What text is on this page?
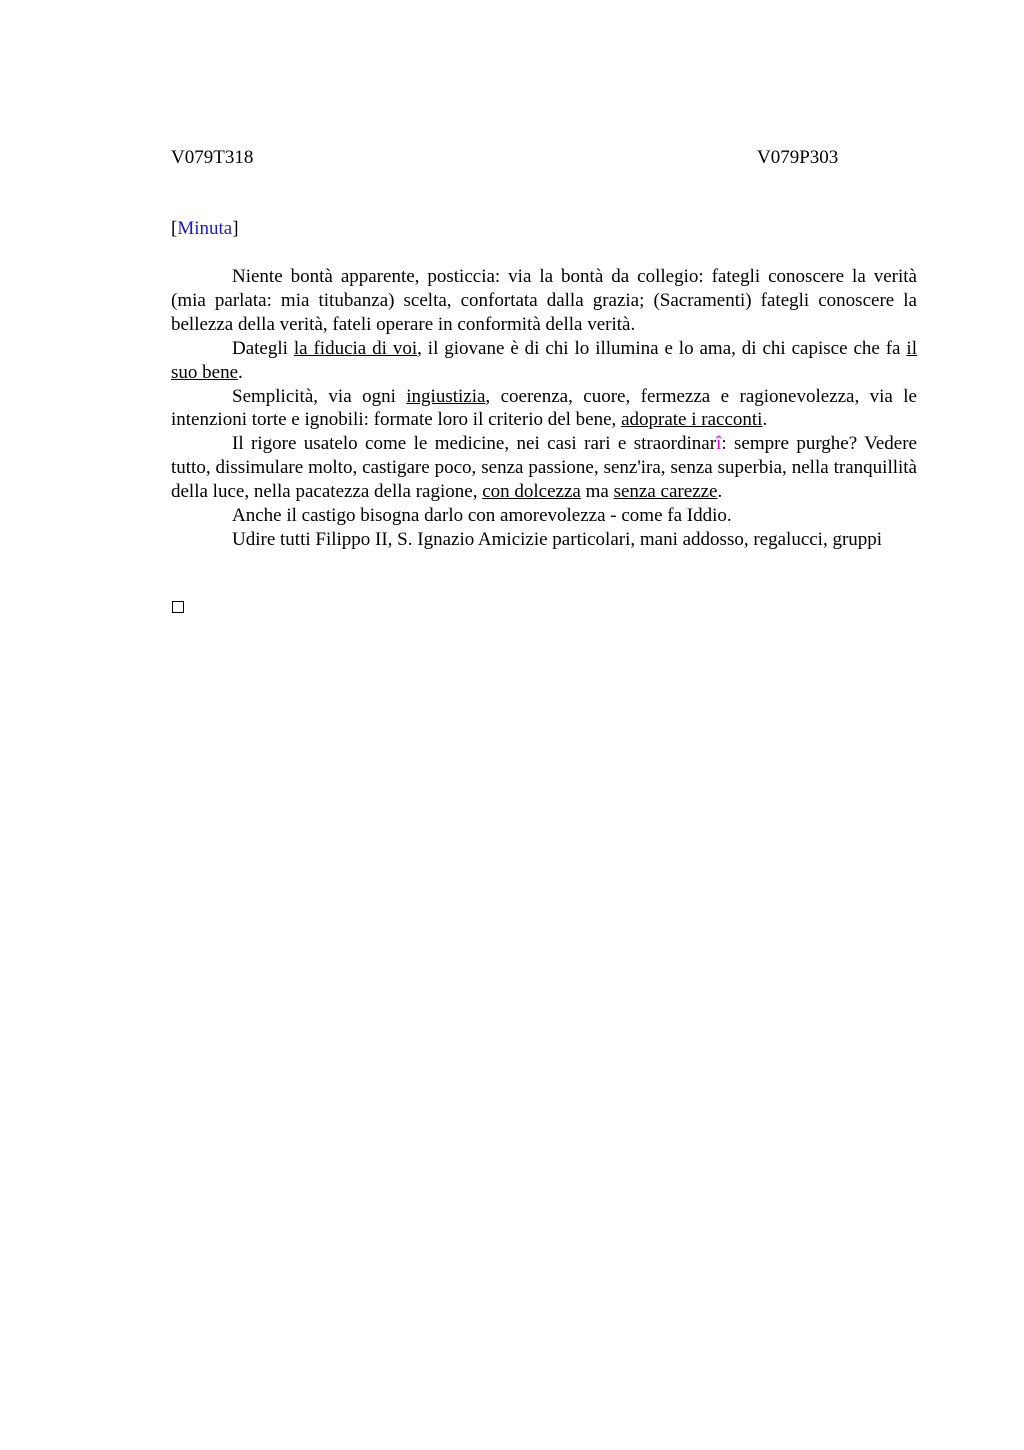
V079T318	V079P303
[Minuta]

Niente bontà apparente, posticcia: via la bontà da collegio: fategli conoscere la verità (mia parlata: mia titubanza) scelta, confortata dalla grazia; (Sacramenti) fategli conoscere la bellezza della verità, fateli operare in conformità della verità.

Dategli la fiducia di voi, il giovane è di chi lo illumina e lo ama, di chi capisce che fa il suo bene.

Semplicità, via ogni ingiustizia, coerenza, cuore, fermezza e ragionevolezza, via le intenzioni torte e ignobili: formate loro il criterio del bene, adoprate i racconti.

Il rigore usatelo come le medicine, nei casi rari e straordinarî: sempre purghe? Vedere tutto, dissimulare molto, castigare poco, senza passione, senz'ira, senza superbia, nella tranquillità della luce, nella pacatezza della ragione, con dolcezza ma senza carezze.

Anche il castigo bisogna darlo con amorevolezza - come fa Iddio.

Udire tutti Filippo II, S. Ignazio Amicizie particolari, mani addosso, regalucci, gruppi
